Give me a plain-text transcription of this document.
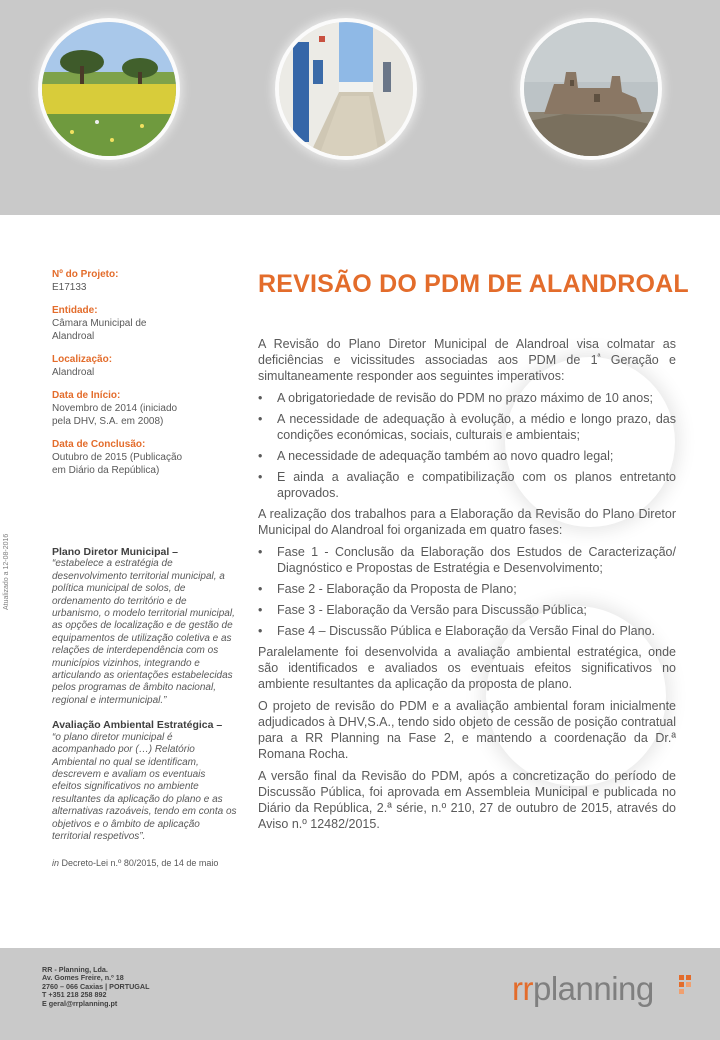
Atualizado a 12-08-2016
Nº do Projeto:
E17133
Entidade:
Câmara Municipal de
Alandroal
Localização:
Alandroal
Data de Início:
Novembro de 2014 (iniciado
pela DHV, S.A. em 2008)
Data de Conclusão:
Outubro de 2015 (Publicação
em Diário da República)
Plano Diretor Municipal –
“estabelece a estratégia de desenvolvimento territorial municipal, a política municipal de solos, de ordenamento do território e de urbanismo, o modelo territorial municipal, as opções de localização e de gestão de equipamentos de utilização coletiva e as relações de interdependência com os municípios vizinhos, integrando e articulando as orientações estabelecidas pelos programas de âmbito nacional, regional e intermunicipal.”
Avaliação Ambiental Estratégica –
“o plano diretor municipal é acompanhado por (…) Relatório Ambiental no qual se identificam, descrevem e avaliam os eventuais efeitos significativos no ambiente resultantes da aplicação do plano e as alternativas razoáveis, tendo em conta os objetivos e o âmbito de aplicação territorial respetivos”.
in Decreto-Lei n.º 80/2015, de 14 de maio
REVISÃO DO PDM DE ALANDROAL

A Revisão do Plano Diretor Municipal de Alandroal visa colmatar as deficiências e vicissitudes associadas aos PDM de $1^ª$ Geração e simultaneamente responder aos seguintes imperativos:

•	A obrigatoriedade de revisão do PDM no prazo máximo de 10 anos;
•	A necessidade de adequação à evolução, a médio e longo prazo, das condições económicas, sociais, culturais e ambientais;
•	A necessidade de adequação também ao novo quadro legal;
•	E ainda a avaliação e compatibilização com os planos entretanto aprovados.

A realização dos trabalhos para a Elaboração da Revisão do Plano Diretor Municipal do Alandroal foi organizada em quatro fases:

•	Fase 1 - Conclusão da Elaboração dos Estudos de Caracterização/ Diagnóstico e Propostas de Estratégia e Desenvolvimento;
•	Fase 2 - Elaboração da Proposta de Plano;
•	Fase 3 - Elaboração da Versão para Discussão Pública;
•	Fase 4 – Discussão Pública e Elaboração da Versão Final do Plano.

Paralelamente foi desenvolvida a avaliação ambiental estratégica, onde são identificados e avaliados os eventuais efeitos significativos no ambiente resultantes da aplicação da proposta de plano.

O projeto de revisão do PDM e a avaliação ambiental foram inicialmente adjudicados à DHV,S.A., tendo sido objeto de cessão de posição contratual para a RR Planning na Fase 2, e mantendo a coordenação da Dr.ª Romana Rocha.

A versão final da Revisão do PDM, após a concretização do período de Discussão Pública, foi aprovada em Assembleia Municipal e publicada no Diário da República, 2.ª série, n.º 210, 27 de outubro de 2015, através do Aviso n.º 12482/2015.

RR - Planning, Lda.
Av. Gomes Freire, n.º 18
2760 – 066 Caxias | PORTUGAL
T +351 218 258 892
E geral@rrplanning.pt	rrplanning
